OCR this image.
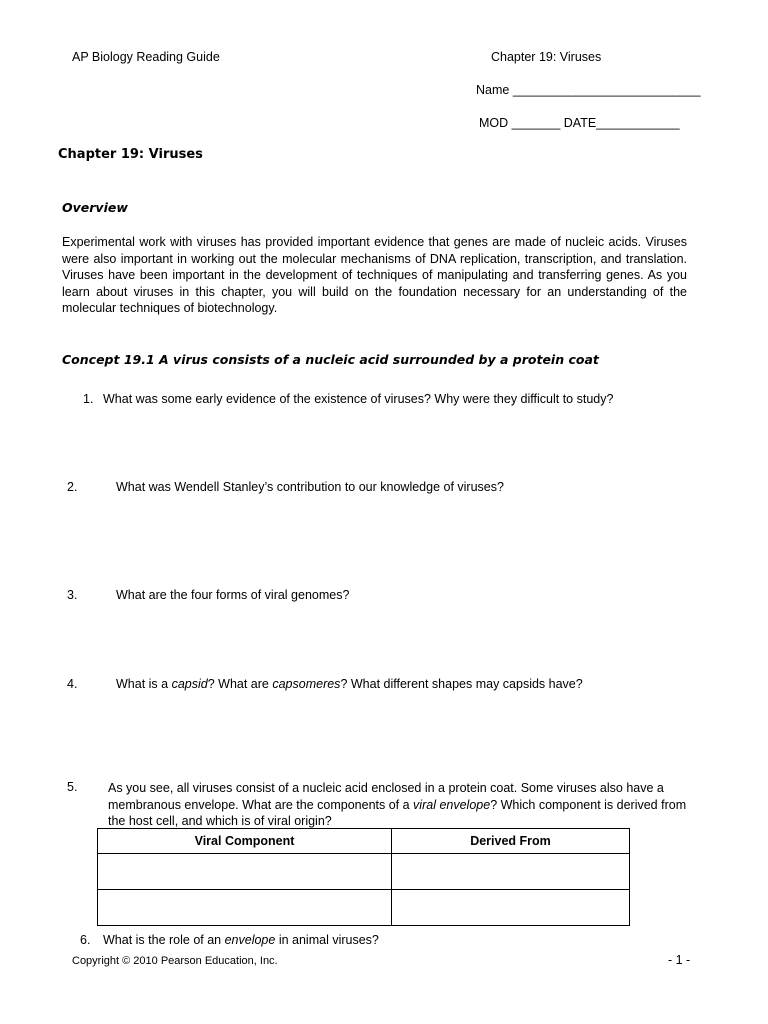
AP Biology Reading Guide	Chapter 19: Viruses
Name ___________________________
MOD _______ DATE____________
Chapter 19: Viruses
Overview
Experimental work with viruses has provided important evidence that genes are made of nucleic acids. Viruses were also important in working out the molecular mechanisms of DNA replication, transcription, and translation. Viruses have been important in the development of techniques of manipulating and transferring genes. As you learn about viruses in this chapter, you will build on the foundation necessary for an understanding of the molecular techniques of biotechnology.
Concept 19.1 A virus consists of a nucleic acid surrounded by a protein coat
1. What was some early evidence of the existence of viruses? Why were they difficult to study?
2.	What was Wendell Stanley’s contribution to our knowledge of viruses?
3.	What are the four forms of viral genomes?
4.	What is a capsid? What are capsomeres? What different shapes may capsids have?
5. As you see, all viruses consist of a nucleic acid enclosed in a protein coat. Some viruses also have a membranous envelope. What are the components of a viral envelope? Which component is derived from the host cell, and which is of viral origin?
Viral Component	Derived From

6. What is the role of an envelope in animal viruses?
Copyright © 2010 Pearson Education, Inc.	- 1 -
